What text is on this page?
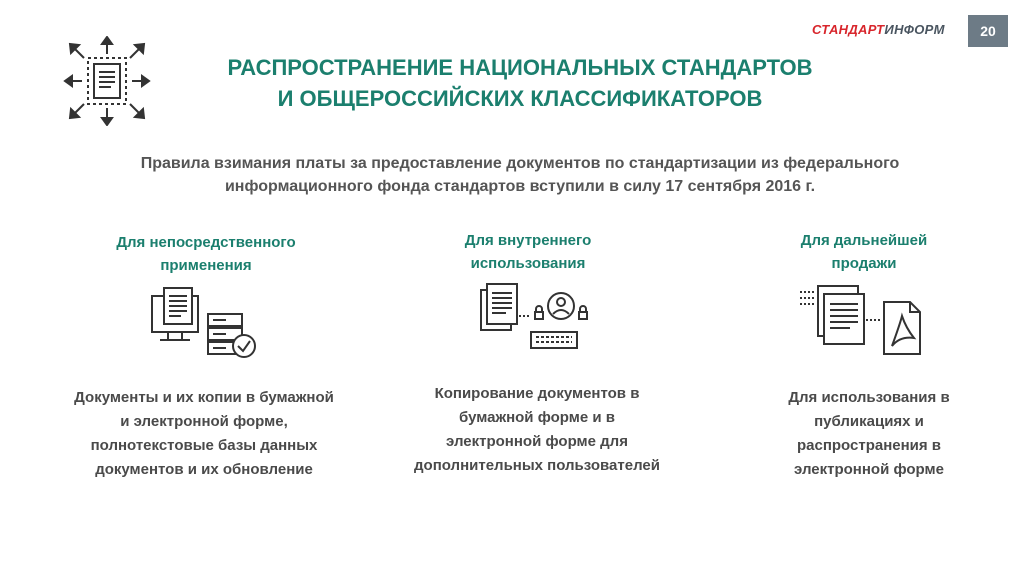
СТАНДАРТИНФОРМ	20
РАСПРОСТРАНЕНИЕ НАЦИОНАЛЬНЫХ СТАНДАРТОВ
И ОБЩЕРОССИЙСКИХ КЛАССИФИКАТОРОВ
Правила взимания платы за предоставление документов по стандартизации из федерального
информационного фонда стандартов вступили в силу 17 сентября 2016 г.
Для непосредственного
применения
Документы и их копии в бумажной
и электронной форме,
полнотекстовые базы данных
документов и их обновление
Для внутреннего
использования
Копирование документов в
бумажной форме и в
электронной форме для
дополнительных пользователей
Для дальнейшей
продажи
Для использования в
публикациях и
распространения в
электронной форме
